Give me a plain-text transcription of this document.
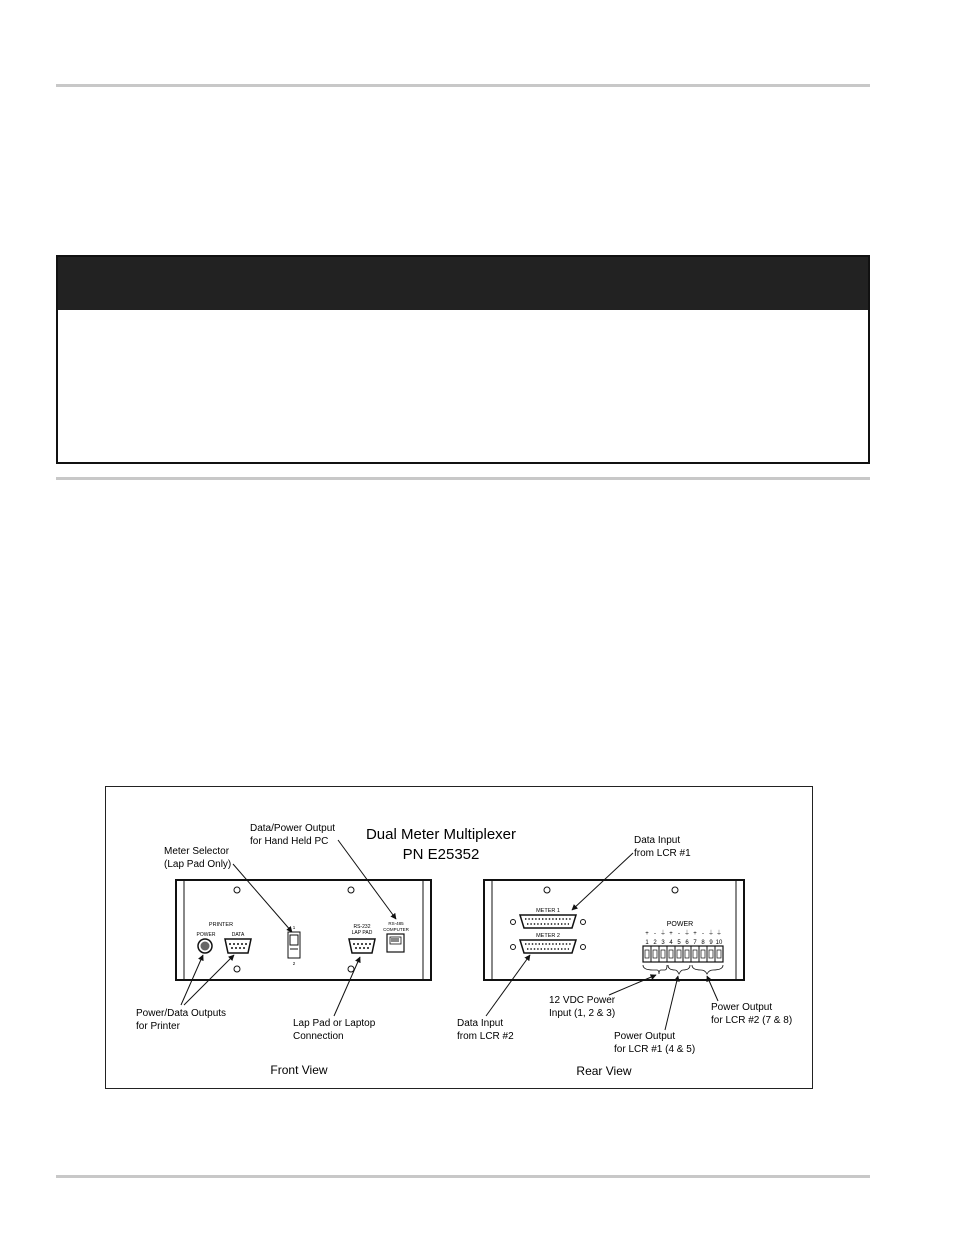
Dual Meter Multiplexer
PN E25352
PRINTER
POWER	DATA
1
2
RS-232
LAP PAD
RS-485
COMPUTER
Data/Power Output
for Hand Held PC
Meter Selector
(Lap Pad Only)
Power/Data Outputs
for Printer	Lap Pad or Laptop
Connection
Front View
METER 1
METER 2
POWER
+ - ⏚ + - ⏚ + - ⏚ ⏚
1 2 3 4 5 6 7 8 9 10
Data Input
from LCR #1
Data Input
from LCR #2
12 VDC Power
Input (1, 2 & 3)
Power Output
for LCR #1 (4 & 5)
Power Output
for LCR #2 (7 & 8)
Rear View
